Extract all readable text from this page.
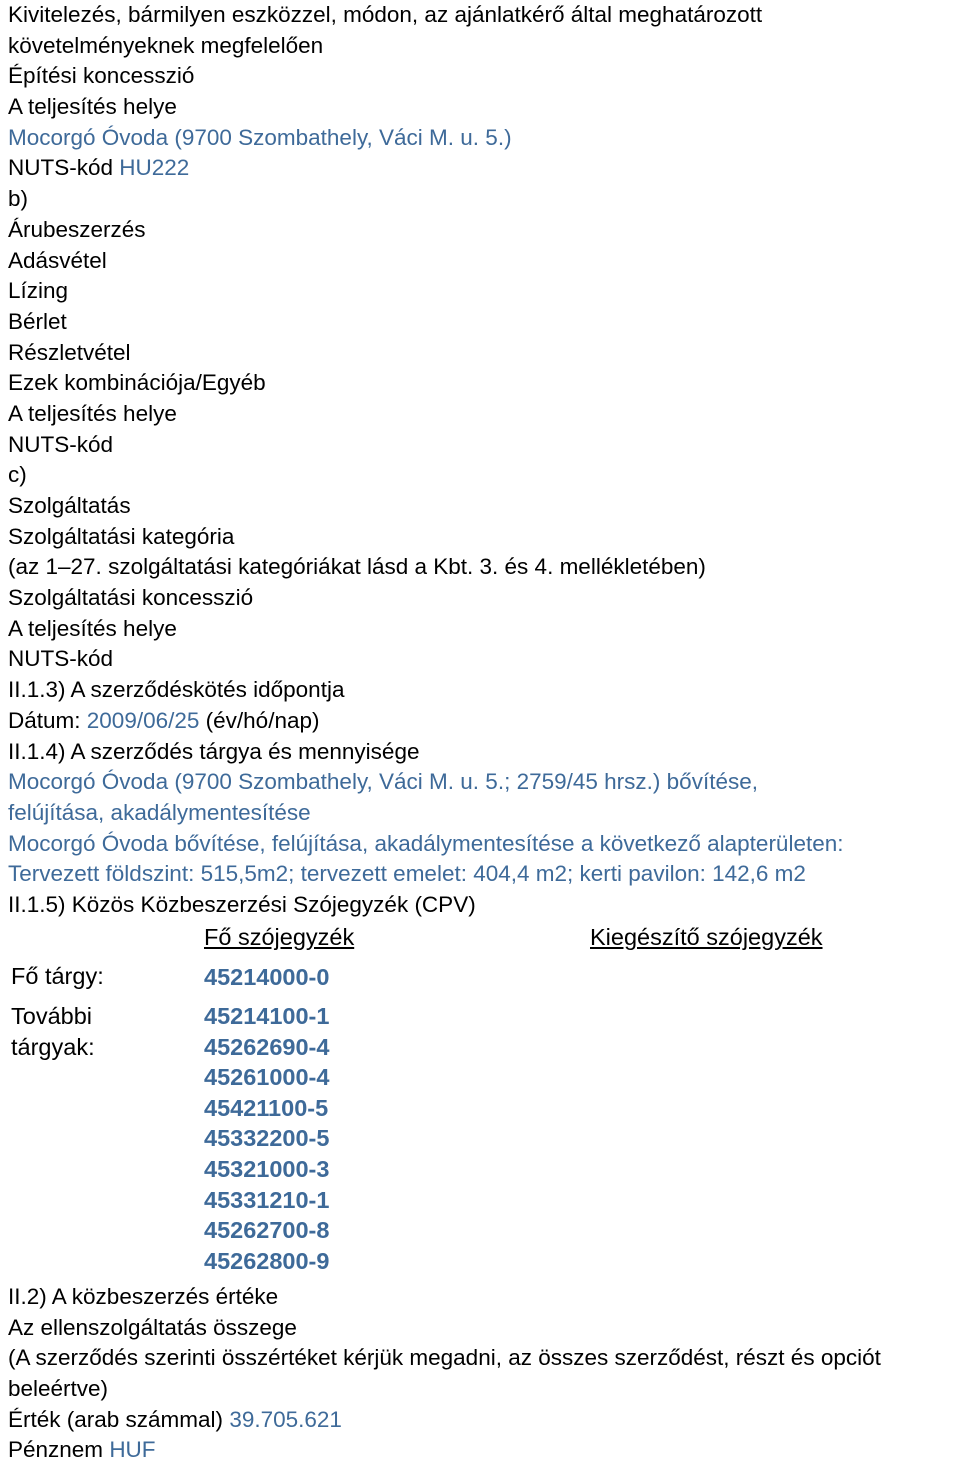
Kivitelezés, bármilyen eszközzel, módon, az ajánlatkérő által meghatározott
követelményeknek megfelelően
Építési koncesszió
A teljesítés helye
Mocorgó Óvoda (9700 Szombathely, Váci M. u. 5.)
NUTS-kód HU222
b)
Árubeszerzés
Adásvétel
Lízing
Bérlet
Részletvétel
Ezek kombinációja/Egyéb
A teljesítés helye
NUTS-kód
c)
Szolgáltatás
Szolgáltatási kategória
(az 1–27. szolgáltatási kategóriákat lásd a Kbt. 3. és 4. mellékletében)
Szolgáltatási koncesszió
A teljesítés helye
NUTS-kód
II.1.3) A szerződéskötés időpontja
Dátum: 2009/06/25 (év/hó/nap)
II.1.4) A szerződés tárgya és mennyisége
Mocorgó Óvoda (9700 Szombathely, Váci M. u. 5.; 2759/45 hrsz.) bővítése,
felújítása, akadálymentesítése
Mocorgó Óvoda bővítése, felújítása, akadálymentesítése a következő alapterületen:
Tervezett földszint: 515,5m2; tervezett emelet: 404,4 m2; kerti pavilon: 142,6 m2
II.1.5) Közös Közbeszerzési Szójegyzék (CPV)
Fő szójegyzék	Kiegészítő szójegyzék
Fő tárgy:	45214000-0
További
tárgyak:
45214100-1
45262690-4
45261000-4
45421100-5
45332200-5
45321000-3
45331210-1
45262700-8
45262800-9
II.2) A közbeszerzés értéke
Az ellenszolgáltatás összege
(A szerződés szerinti összértéket kérjük megadni, az összes szerződést, részt és opciót beleértve)
Érték (arab számmal) 39.705.621
Pénznem HUF
